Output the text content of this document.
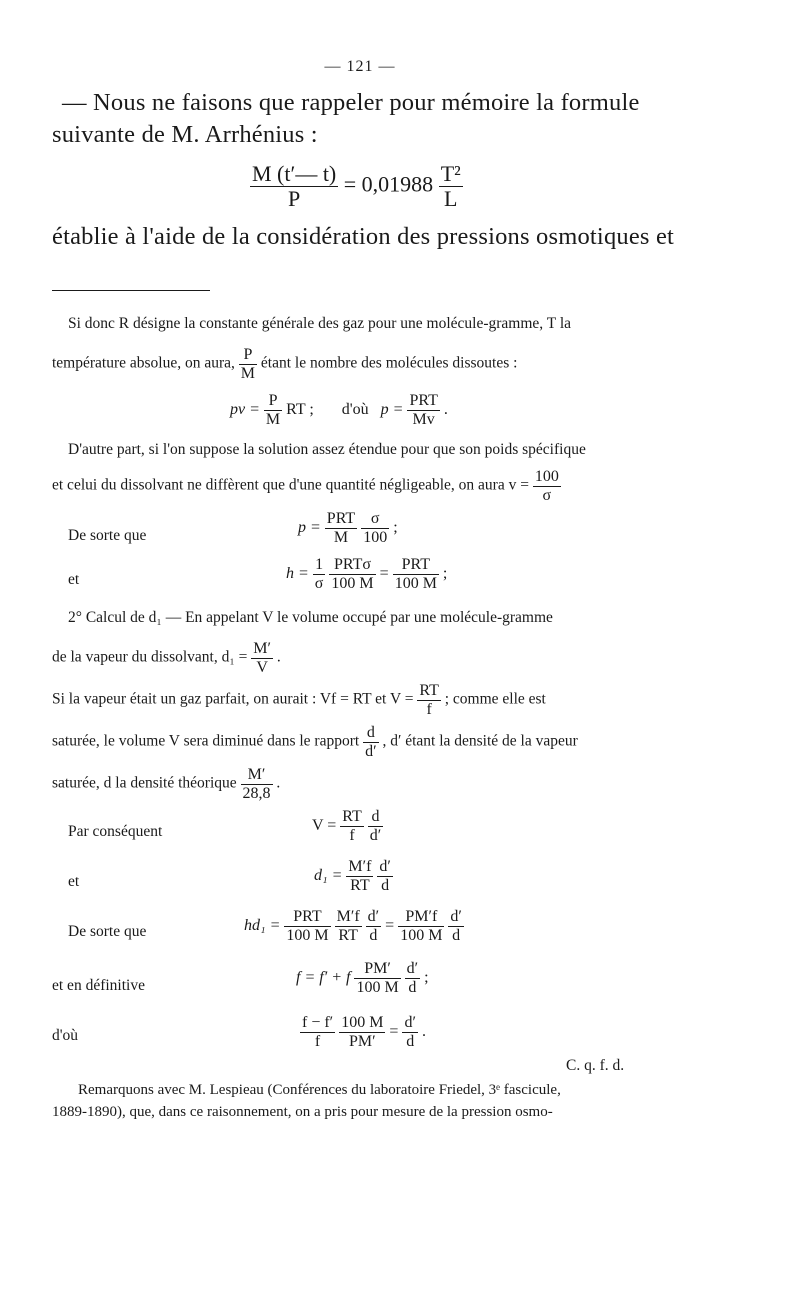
— 121 —
— Nous ne faisons que rappeler pour mémoire la formule
suivante de M. Arrhénius :
$\frac{M (t'— t)}{P} = 0,01988 \frac{\text{T²}}{L}$
établie à l'aide de la considération des pressions osmotiques et
Si donc R désigne la constante générale des gaz pour une molécule-gramme, T la
température absolue, on aura, $\frac{P}{M}$ étant le nombre des molécules dissoutes :
pv = $\frac{P}{M}$ RT ; d'où $p = \frac{\text{PRT}}{Mv}$ .
D'autre part, si l'on suppose la solution assez étendue pour que son poids spécifique
et celui du dissolvant ne diffèrent que d'une quantité négligeable, on aura $v = \frac{100}{\sigma}$
De sorte que	$p = \frac{\text{PRT}}{M}$
$\frac{\sigma}{100}$ ;
et	$h = \frac{1}{\sigma}$
$\frac{\text{PRTσ}}{100 M} = \frac{\text{PRT}}{100 M}$ ;
2° Calcul de d₁ — En appelant V le volume occupé par une molécule-gramme
de la vapeur du dissolvant, $d_1 = \frac{M'}{V}$ .
Si la vapeur était un gaz parfait, on aurait : Vf = RT et $V = \frac{RT}{f}$ ; comme elle est
saturée, le volume V sera diminué dans le rapport $\frac{d}{d'}$ , d′ étant la densité de la vapeur
saturée, d la densité théorique $\frac{M'}{28,8}$ .
Par conséquent	$V = \frac{RT}{f}$
$\frac{d}{d'}$
et	$d_1 = \frac{M'f}{RT}$
$\frac{d'}{d}$
De sorte que	$hd_1 = \frac{\text{PRT}}{100 M}$
$\frac{M'f}{RT}$
$\frac{d'}{d} = \frac{PM'f}{100 M}$
$\frac{d'}{d}$
et en définitive	f = f′ + f $\frac{PM'}{100 M}$
$\frac{d'}{d}$ ;
d'où	$\frac{f - f'}{f}$
$\frac{100 M}{PM'} = \frac{d'}{d}$ .
C. q. f. d.
Remarquons avec M. Lespieau (Conférences du laboratoire Friedel, 3ᵉ fascicule,
1889-1890), que, dans ce raisonnement, on a pris pour mesure de la pression osmo-
